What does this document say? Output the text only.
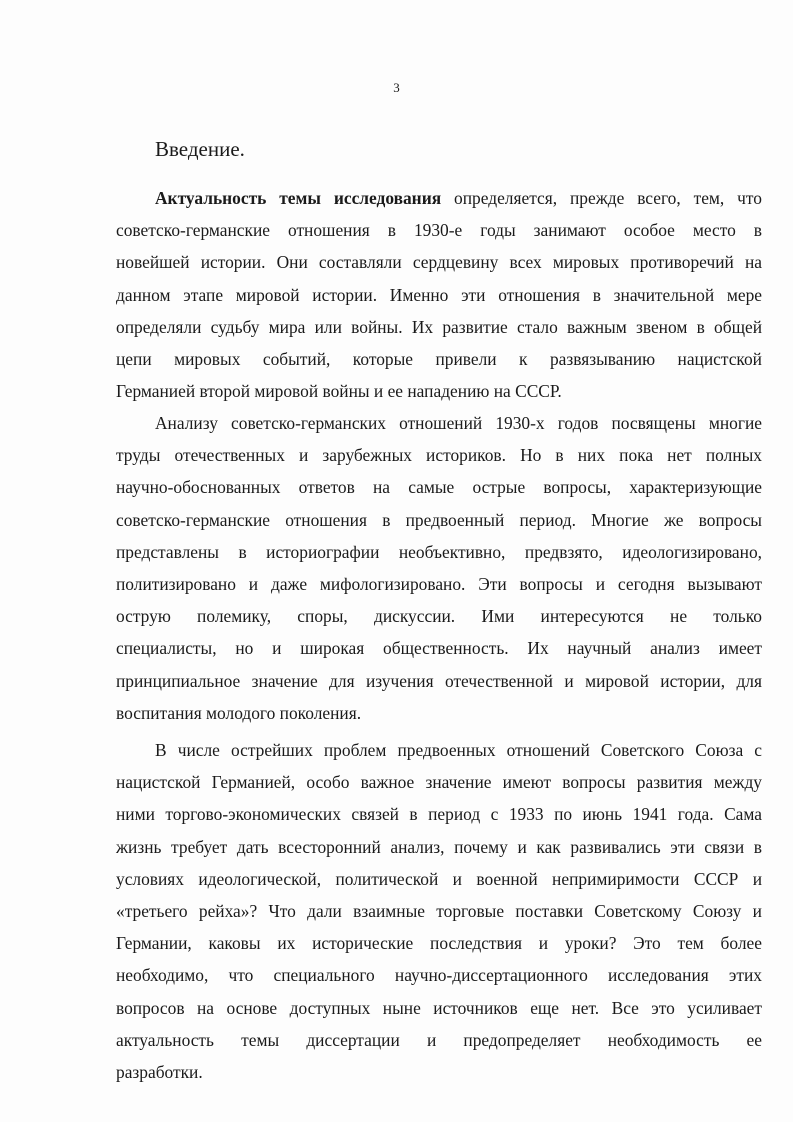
3
Введение.
Актуальность темы исследования определяется, прежде всего, тем, что
советско-германские отношения в 1930-е годы занимают особое место в
новейшей истории. Они составляли сердцевину всех мировых противоречий на
данном этапе мировой истории. Именно эти отношения в значительной мере
определяли судьбу мира или войны. Их развитие стало важным звеном в общей
цепи мировых событий, которые привели к развязыванию нацистской
Германией второй мировой войны и ее нападению на СССР.
Анализу советско-германских отношений 1930-х годов посвящены многие
труды отечественных и зарубежных историков. Но в них пока нет полных
научно-обоснованных ответов на самые острые вопросы, характеризующие
советско-германские отношения в предвоенный период. Многие же вопросы
представлены в историографии необъективно, предвзято, идеологизировано,
политизировано и даже мифологизировано. Эти вопросы и сегодня вызывают
острую полемику, споры, дискуссии. Ими интересуются не только
специалисты, но и широкая общественность. Их научный анализ имеет
принципиальное значение для изучения отечественной и мировой истории, для
воспитания молодого поколения.
В числе острейших проблем предвоенных отношений Советского Союза с
нацистской Германией, особо важное значение имеют вопросы развития между
ними торгово-экономических связей в период с 1933 по июнь 1941 года. Сама
жизнь требует дать всесторонний анализ, почему и как развивались эти связи в
условиях идеологической, политической и военной непримиримости СССР и
«третьего рейха»? Что дали взаимные торговые поставки Советскому Союзу и
Германии, каковы их исторические последствия и уроки? Это тем более
необходимо, что специального научно-диссертационного исследования этих
вопросов на основе доступных ныне источников еще нет. Все это усиливает
актуальность темы диссертации и предопределяет необходимость ее
разработки.
